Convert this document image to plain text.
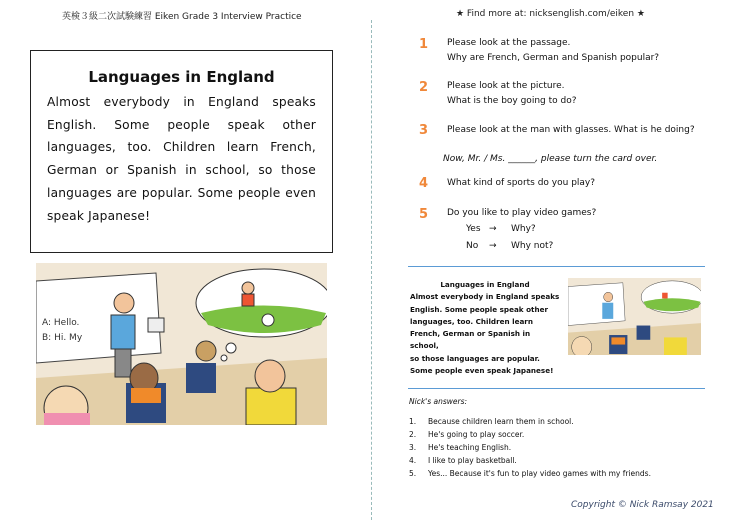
英検３級二次試験練習 Eiken Grade 3 Interview Practice	★ Find more at: nicksenglish.com/eiken ★
Languages in England

Almost everybody in England speaks English. Some people speak other languages, too. Children learn French, German or Spanish in school, so those languages are popular. Some people even speak Japanese!

A: Hello.
B: Hi. My
1 Please look at the passage.
Why are French, German and Spanish popular?
2 Please look at the picture.
What is the boy going to do?
3 Please look at the man with glasses. What is he doing?
Now, Mr. / Ms. ______, please turn the card over.
4 What kind of sports do you play?
5 Do you like to play video games?
Yes → Why?
No → Why not?
Languages in England
Almost everybody in England speaks
English. Some people speak other
languages, too. Children learn
French, German or Spanish in school,
so those languages are popular.
Some people even speak Japanese!
Nick's answers:
1. Because children learn them in school.
2. He's going to play soccer.
3. He's teaching English.
4. I like to play basketball.
5. Yes... Because it's fun to play video games with my friends.
Copyright © Nick Ramsay 2021
